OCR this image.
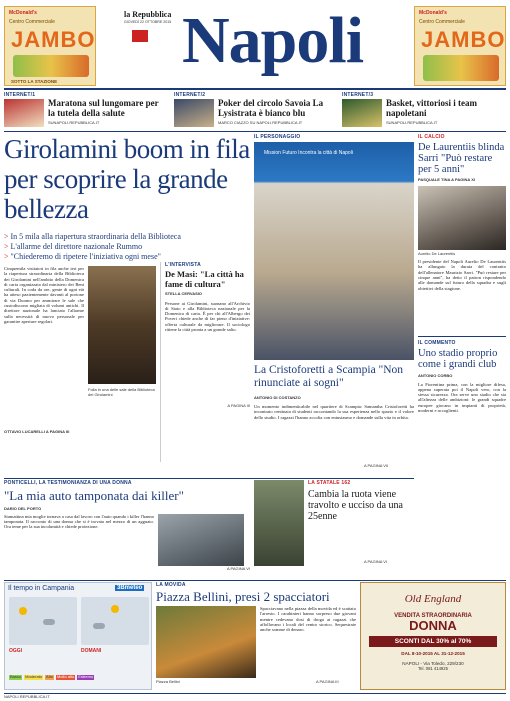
McDonald's
Centro Commerciale
JAMBO
SOTTO LA STAZIONE
la Repubblica
GIOVEDÌ 22 OTTOBRE 2015 Napoli	McDonald's
Centro Commerciale
JAMBO
INTERNET/1
Maratona sul lungomare per la tutela della salute
SUNAPOLI.REPUBBLICA.IT
INTERNET/2
Poker del circolo Savoia La Lysistrata è bianco blu
MARCO CIAZZO SU NAPOLI.REPUBBLICA.IT
INTERNET/3
Basket, vittoriosi i team napoletani
SUNAPOLI.REPUBBLICA.IT
Girolamini boom in fila per scoprire la grande bellezza
> In 5 mila alla riapertura straordinaria della Biblioteca
> L'allarme del direttore nazionale Rummo
> "Chiederemo di ripetere l'iniziativa ogni mese"
Cinquemila visitatori in fila anche ieri per la riapertura straordinaria della Biblioteca dei Girolamini nell'ambito della Domenica di carta organizzata dal ministero dei Beni culturali. In coda da ore, gente di ogni età ha atteso pazientemente davanti al portone di via Duomo per ammirare le sale che custodiscono migliaia di volumi antichi. Il direttore nazionale ha lanciato l'allarme sulla necessità di nuovo personale per garantire aperture regolari.
OTTAVIO LUCARELLI A PAGINA III
Folla in una delle sale della Biblioteca dei Girolamini
L'INTERVISTA
De Masi: "La città ha fame di cultura"
STELLA CERVASIO
Persone ai Girolamini, suonano all'Archivio di Stato e alla Biblioteca nazionale per la Domenica di carta. È per chi all'Albergo dei Poveri chiede anche di far pieno d'iniziative: offerta culturale da migliorare. Il sociologo ritiene la città pronta a un grande salto.
A PAGINA III
IL PERSONAGGIO
Mission Futuro Incontra la città di Napoli
La Cristoforetti a Scampia "Non rinunciate ai sogni"
ANTONIO DI COSTANZO
Un momento indimenticabile nel quartiere di Scampia: Samantha Cristoforetti ha incontrato centinaia di studenti raccontando la sua esperienza nello spazio e il valore dello studio. I ragazzi l'hanno accolta con entusiasmo e domande sulla vita in orbita.
A PAGINA VII
IL CALCIO
De Laurentiis blinda Sarri "Può restare per 5 anni"
PASQUALE TINA A PAGINA XI
Aurelio De Laurentiis
Il presidente del Napoli Aurelio De Laurentiis ha allungato la durata del contratto dell'allenatore Maurizio Sarri. "Può restare per cinque anni", ha detto il patron rispondendo alle domande sul futuro della squadra e sugli obiettivi della stagione.
IL COMMENTO
Uno stadio proprio come i grandi club
ANTONIO CORBO
La Fiorentina prima, con la migliore difesa, appena superata poi il Napoli vero, con la stessa sicurezza. Ora serve uno stadio che sia all'altezza delle ambizioni: le grandi squadre europee giocano in impianti di proprietà, moderni e accoglienti.
PONTICELLI, LA TESTIMONIANZA DI UNA DONNA
"La mia auto tamponata dai killer"
DARIO DEL PORTO
Stamattina mia moglie tornava a casa dal lavoro con l'auto quando i killer l'hanno tamponata. Il racconto di una donna che si è trovata nel mezzo di un agguato. Ora teme per la sua incolumità e chiede protezione.
A PAGINA VI
LA STATALE 162
Cambia la ruota viene travolto e ucciso da una 25enne
A PAGINA VI
Il tempo in Campania	3Bmeteo
OGGI	DOMANI
Basso Moderato Alto Molto alto Estremo
LA MOVIDA
Piazza Bellini, presi 2 spacciatori
Piazza Bellini
Spacciavano nella piazza della movida ed è scattato l'arresto. I carabinieri hanno sorpreso due giovani mentre cedevano dosi di droga ai ragazzi che affollavano i locali del centro storico. Sequestrate anche somme di denaro.
A PAGINA III
Old England
VENDITA STRAORDINARIA
DONNA
SCONTI DAL 30% al 70%
DAL 8-10-2015 AL 31-12-2015
NAPOLI - Via Toledo, 229/230
Tel. 081 414925
NAPOLI.REPUBBLICA.IT
